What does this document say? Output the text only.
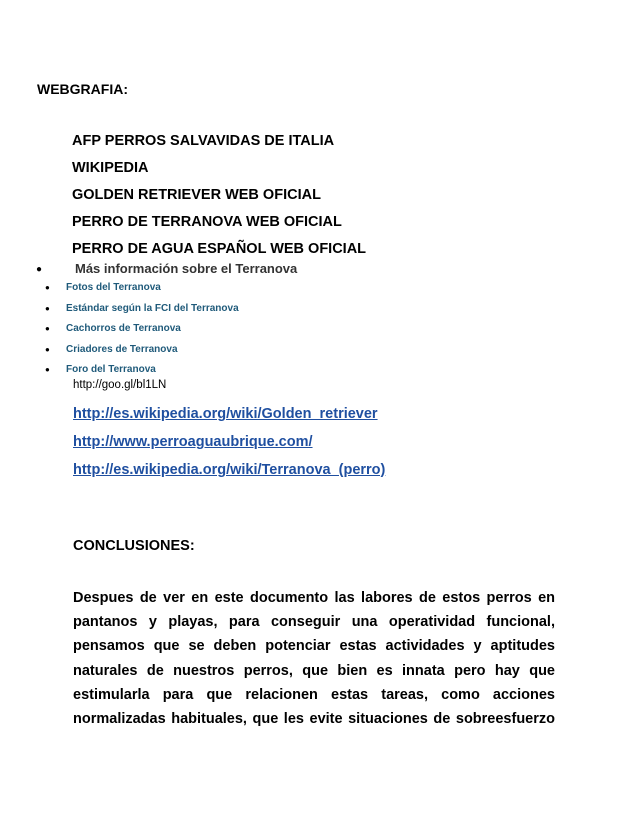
WEBGRAFIA:
AFP PERROS SALVAVIDAS DE ITALIA
WIKIPEDIA
GOLDEN RETRIEVER WEB OFICIAL
PERRO DE TERRANOVA WEB OFICIAL
PERRO DE AGUA ESPAÑOL WEB OFICIAL
●	Más información sobre el Terranova
● Fotos del Terranova
● Estándar según la FCI del Terranova
● Cachorros de Terranova
● Criadores de Terranova
● Foro del Terranova
http://goo.gl/bl1LN
http://es.wikipedia.org/wiki/Golden_retriever
http://www.perroaguaubrique.com/
http://es.wikipedia.org/wiki/Terranova_(perro)
CONCLUSIONES:
Despues de ver en este documento las labores de estos perros en
pantanos y playas, para conseguir una operatividad funcional,
pensamos que se deben potenciar estas actividades y aptitudes
naturales de nuestros perros, que bien es innata pero hay que
estimularla para que relacionen estas tareas, como acciones
normalizadas habituales, que les evite situaciones de sobreesfuerzo
